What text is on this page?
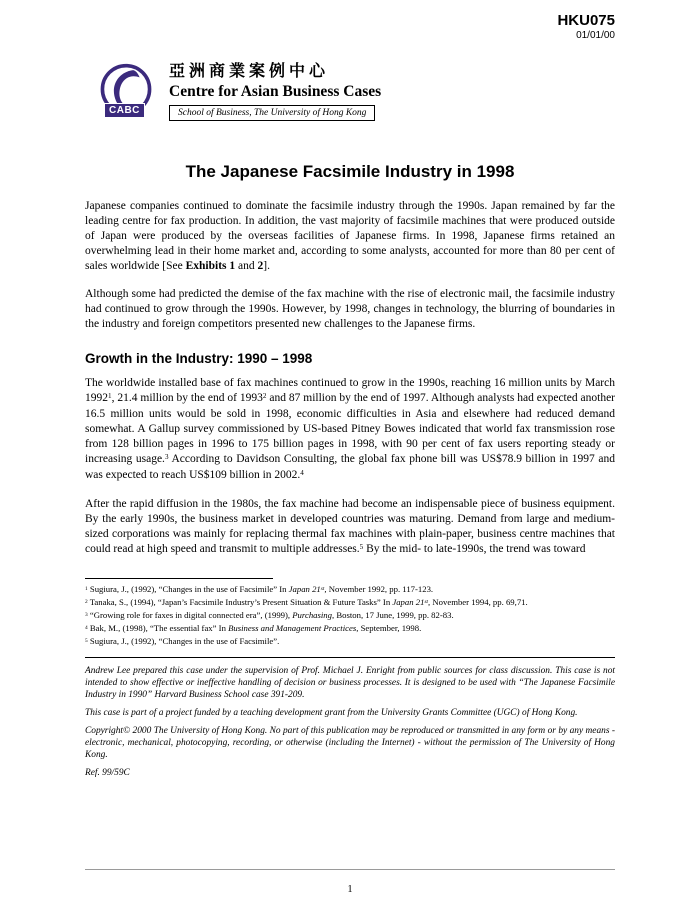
HKU075
01/01/00
CABC
亞洲商業案例中心
Centre for Asian Business Cases
School of Business, The University of Hong Kong
The Japanese Facsimile Industry in 1998

Japanese companies continued to dominate the facsimile industry through the 1990s. Japan remained by far the leading centre for fax production. In addition, the vast majority of facsimile machines that were produced outside of Japan were produced by the overseas facilities of Japanese firms. In 1998, Japanese firms retained an overwhelming lead in their home market and, according to some analysts, accounted for more than 80 per cent of sales worldwide [See Exhibits 1 and 2].

Although some had predicted the demise of the fax machine with the rise of electronic mail, the facsimile industry had continued to grow through the 1990s. However, by 1998, changes in technology, the blurring of boundaries in the industry and foreign competitors presented new challenges to the Japanese firms.

Growth in the Industry: 1990 – 1998

The worldwide installed base of fax machines continued to grow in the 1990s, reaching 16 million units by March 1992$^1$, 21.4 million by the end of 1993$^2$ and 87 million by the end of 1997. Although analysts had expected another 16.5 million units would be sold in 1998, economic difficulties in Asia and elsewhere had reduced demand somewhat. A Gallup survey commissioned by US-based Pitney Bowes indicated that world fax transmission rose from 128 billion pages in 1996 to 175 billion pages in 1998, with 90 per cent of fax users reporting steady or increasing usage.$^3$ According to Davidson Consulting, the global fax phone bill was US$78.9 billion in 1997 and was expected to reach US$109 billion in 2002.$^4$

After the rapid diffusion in the 1980s, the fax machine had become an indispensable piece of business equipment. By the early 1990s, the business market in developed countries was maturing. Demand from large and medium-sized corporations was mainly for replacing thermal fax machines with plain-paper, business centre machines that could read at high speed and transmit to multiple addresses.$^5$ By the mid- to late-1990s, the trend was toward

$^1$ Sugiura, J., (1992), “Changes in the use of Facsimile” In Japan 21st, November 1992, pp. 117-123.
$^2$ Tanaka, S., (1994), “Japan’s Facsimile Industry’s Present Situation & Future Tasks” In Japan 21st, November 1994, pp. 69,71.
$^3$ “Growing role for faxes in digital connected era”, (1999), Purchasing, Boston, 17 June, 1999, pp. 82-83.
$^4$ Bak, M., (1998), “The essential fax” In Business and Management Practices, September, 1998.
$^5$ Sugiura, J., (1992), “Changes in the use of Facsimile”.

Andrew Lee prepared this case under the supervision of Prof. Michael J. Enright from public sources for class discussion. This case is not intended to show effective or ineffective handling of decision or business processes. It is designed to be used with “The Japanese Facsimile Industry in 1990” Harvard Business School case 391-209.

This case is part of a project funded by a teaching development grant from the University Grants Committee (UGC) of Hong Kong.

Copyright© 2000 The University of Hong Kong. No part of this publication may be reproduced or transmitted in any form or by any means - electronic, mechanical, photocopying, recording, or otherwise (including the Internet) - without the permission of The University of Hong Kong.

Ref. 99/59C

1
